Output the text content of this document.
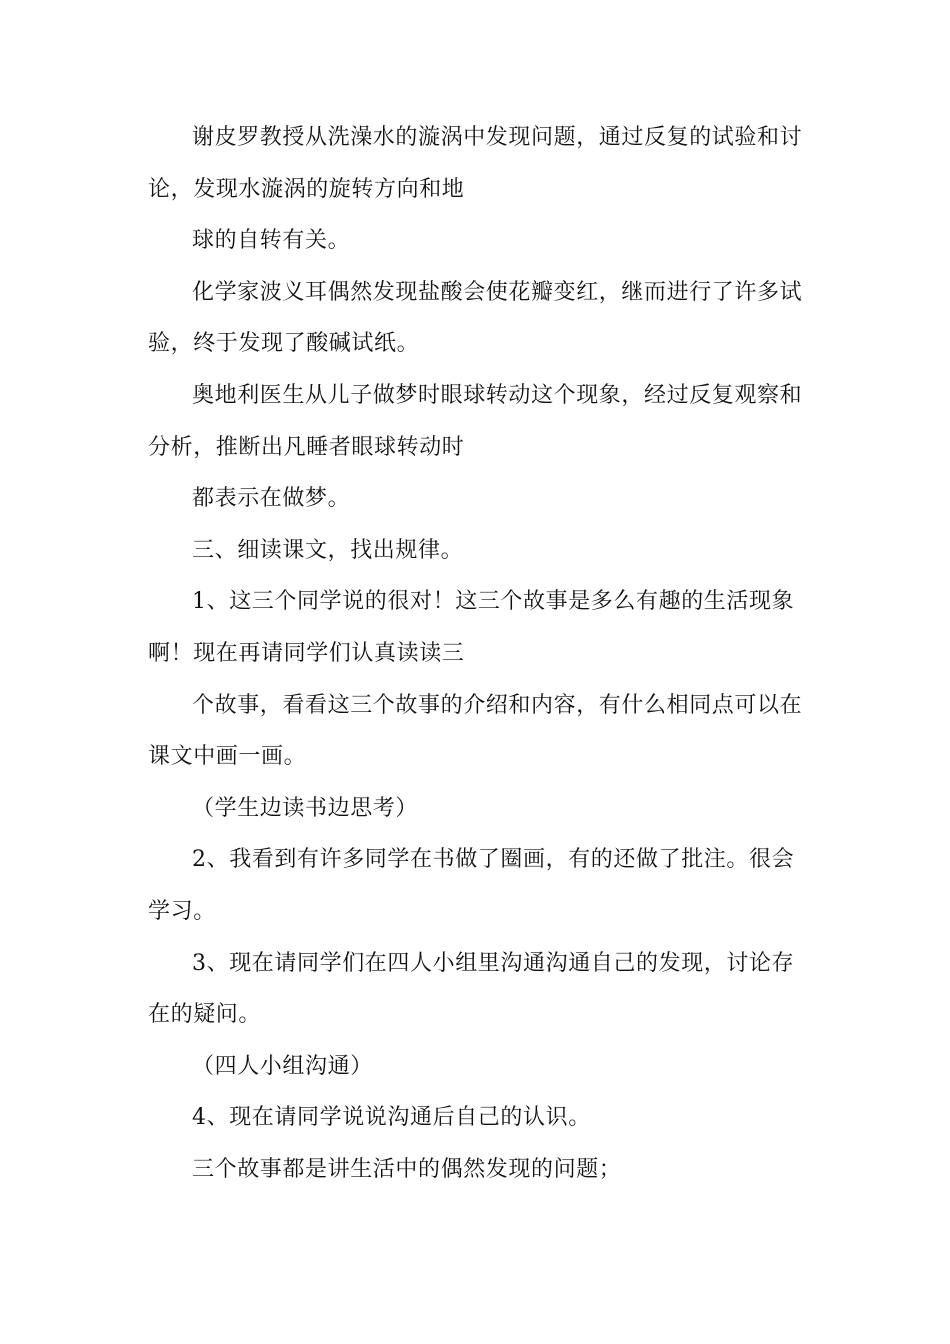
谢皮罗教授从洗澡水的漩涡中发现问题，通过反复的试验和讨

论，发现水漩涡的旋转方向和地

球的自转有关。

化学家波义耳偶然发现盐酸会使花瓣变红，继而进行了许多试

验，终于发现了酸碱试纸。

奥地利医生从儿子做梦时眼球转动这个现象，经过反复观察和

分析，推断出凡睡者眼球转动时

都表示在做梦。

三、细读课文，找出规律。

1、这三个同学说的很对！这三个故事是多么有趣的生活现象

啊！现在再请同学们认真读读三

个故事，看看这三个故事的介绍和内容，有什么相同点可以在

课文中画一画。

（学生边读书边思考）

2、我看到有许多同学在书做了圈画，有的还做了批注。很会

学习。

3、现在请同学们在四人小组里沟通沟通自己的发现，讨论存

在的疑问。

（四人小组沟通）

4、现在请同学说说沟通后自己的认识。

三个故事都是讲生活中的偶然发现的问题；
